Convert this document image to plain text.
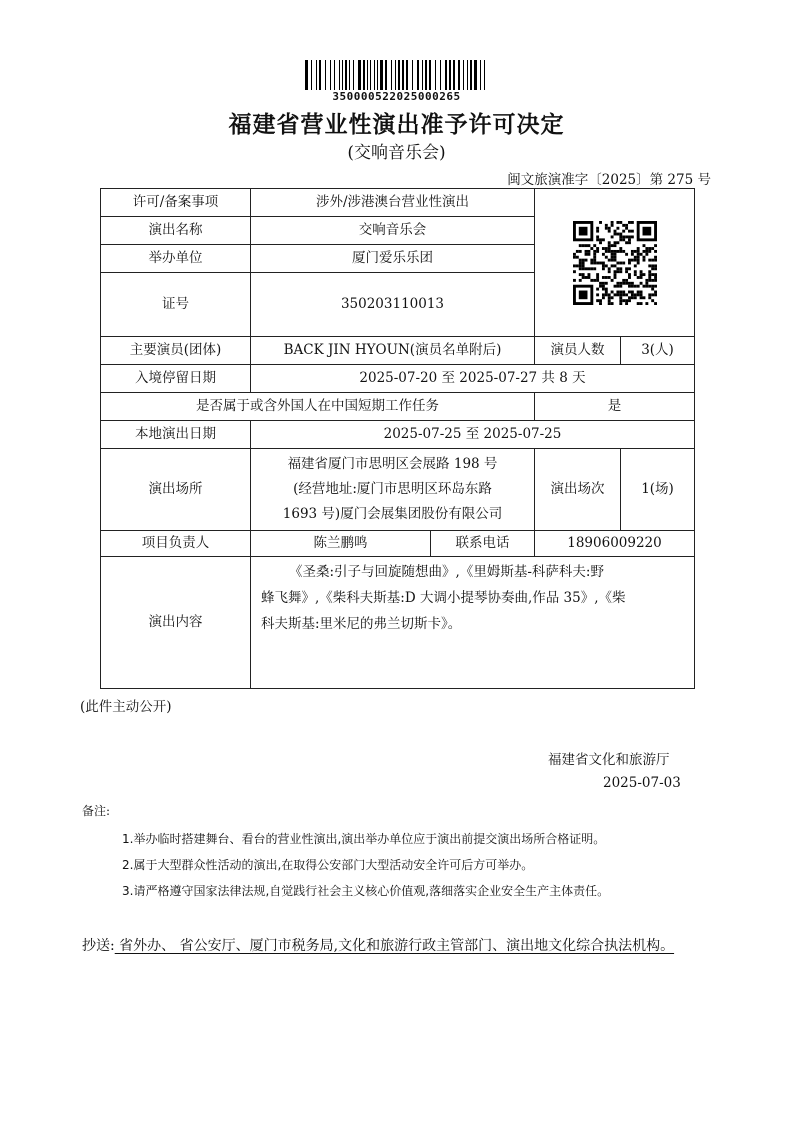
350000522025000265
福建省营业性演出准予许可决定
(交响音乐会)
闽文旅演准字〔2025〕第 275 号
许可/备案事项	涉外/涉港澳台营业性演出	

演出名称	交响音乐会			
举办单位	厦门爱乐乐团			
证号	350203110013			
主要演员(团体)	BACK JIN HYOUN(演员名单附后)		演员人数	3(人)
入境停留日期	2025-07-20 至 2025-07-27 共 8 天			
是否属于或含外国人在中国短期工作任务			是	
本地演出日期	2025-07-25 至 2025-07-25			
演出场所	福建省厦门市思明区会展路 198 号
(经营地址:厦门市思明区环岛东路
1693 号)厦门会展集团股份有限公司		演出场次	1(场)
项目负责人	陈兰鹏鸣	联系电话	18906009220	
演出内容	《圣桑:引子与回旋随想曲》,《里姆斯基-科萨科夫:野
蜂飞舞》,《柴科夫斯基:D 大调小提琴协奏曲,作品 35》,《柴
科夫斯基:里米尼的弗兰切斯卡》。			
(此件主动公开)
福建省文化和旅游厅
2025-07-03
备注:
1.举办临时搭建舞台、看台的营业性演出,演出举办单位应于演出前提交演出场所合格证明。
2.属于大型群众性活动的演出,在取得公安部门大型活动安全许可后方可举办。
3.请严格遵守国家法律法规,自觉践行社会主义核心价值观,落细落实企业安全生产主体责任。
抄送: 省外办、 省公安厅、厦门市税务局,文化和旅游行政主管部门、演出地文化综合执法机构。
